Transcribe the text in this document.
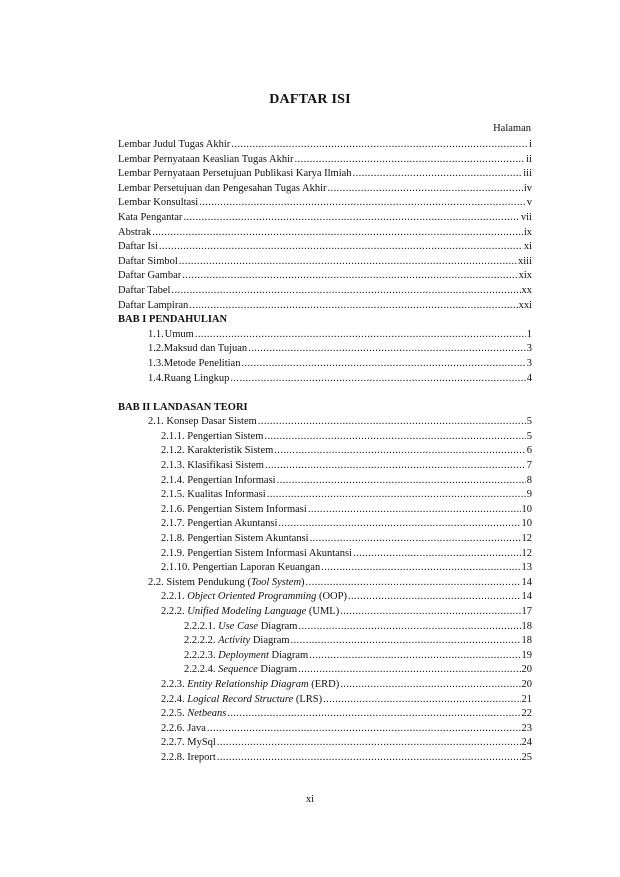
DAFTAR ISI
Halaman
Lembar Judul Tugas Akhir .....	i
Lembar Pernyataan Keaslian Tugas Akhir .....	ii
Lembar Pernyataan Persetujuan Publikasi Karya Ilmiah .....	iii
Lembar Persetujuan dan Pengesahan Tugas Akhir .....	iv
Lembar Konsultasi .....	v
Kata Pengantar .....	vii
Abstrak .....	ix
Daftar Isi .....	xi
Daftar Simbol .....	xiii
Daftar Gambar .....	xix
Daftar Tabel .....	xx
Daftar Lampiran .....	xxi
BAB I PENDAHULIAN
1.1. Umum .....	1
1.2. Maksud dan Tujuan .....	3
1.3. Metode Penelitian .....	3
1.4. Ruang Lingkup .....	4
BAB II LANDASAN TEORI
2.1. Konsep Dasar Sistem .....	5
2.1.1. Pengertian Sistem .....	5
2.1.2. Karakteristik Sistem .....	6
2.1.3. Klasifikasi Sistem .....	7
2.1.4. Pengertian Informasi .....	8
2.1.5. Kualitas Informasi .....	9
2.1.6. Pengertian Sistem Informasi .....	10
2.1.7. Pengertian Akuntansi .....	10
2.1.8. Pengertian Sistem Akuntansi .....	12
2.1.9. Pengertian Sistem Informasi Akuntansi .....	12
2.1.10. Pengertian Laporan Keuangan .....	13
2.2. Sistem Pendukung (Tool System) .....	14
2.2.1. Object Oriented Programming (OOP) .....	14
2.2.2. Unified Modeling Language (UML) .....	17
2.2.2.1. Use Case Diagram .....	18
2.2.2.2. Activity Diagram .....	18
2.2.2.3. Deployment Diagram .....	19
2.2.2.4. Sequence Diagram .....	20
2.2.3. Entity Relationship Diagram (ERD) .....	20
2.2.4. Logical Record Structure (LRS) .....	21
2.2.5. Netbeans .....	22
2.2.6. Java .....	23
2.2.7. MySql .....	24
2.2.8. Ireport .....	25
xi
